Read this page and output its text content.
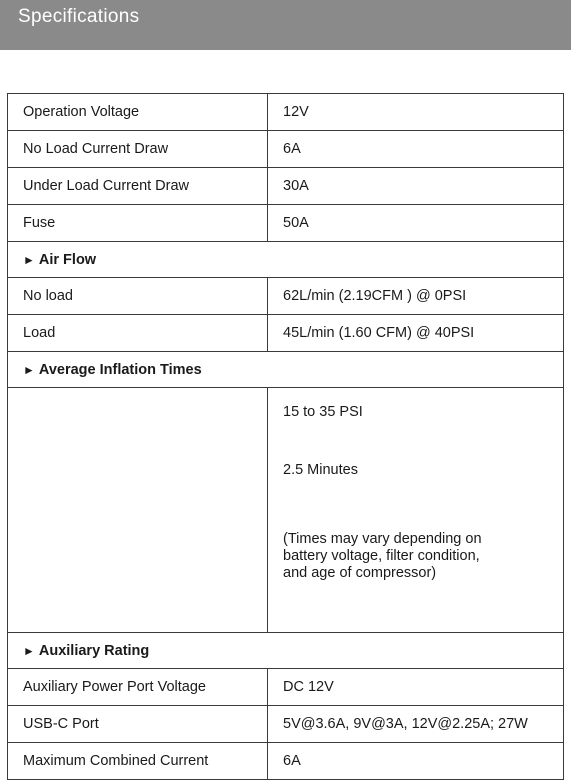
Specifications
Operation Voltage	12V
No Load Current Draw	6A
Under Load Current Draw	30A
Fuse	50A
► Air Flow	
No load	62L/min (2.19CFM ) @ 0PSI
Load	45L/min (1.60 CFM) @ 40PSI
► Average Inflation Times	

	15 to 35 PSI
2.5 Minutes
(Times may vary depending on
battery voltage, filter condition,
and age of compressor)

► Auxiliary Rating	
Auxiliary Power Port Voltage	DC 12V
USB-C Port	5V@3.6A, 9V@3A, 12V@2.25A; 27W
Maximum Combined Current	6A
